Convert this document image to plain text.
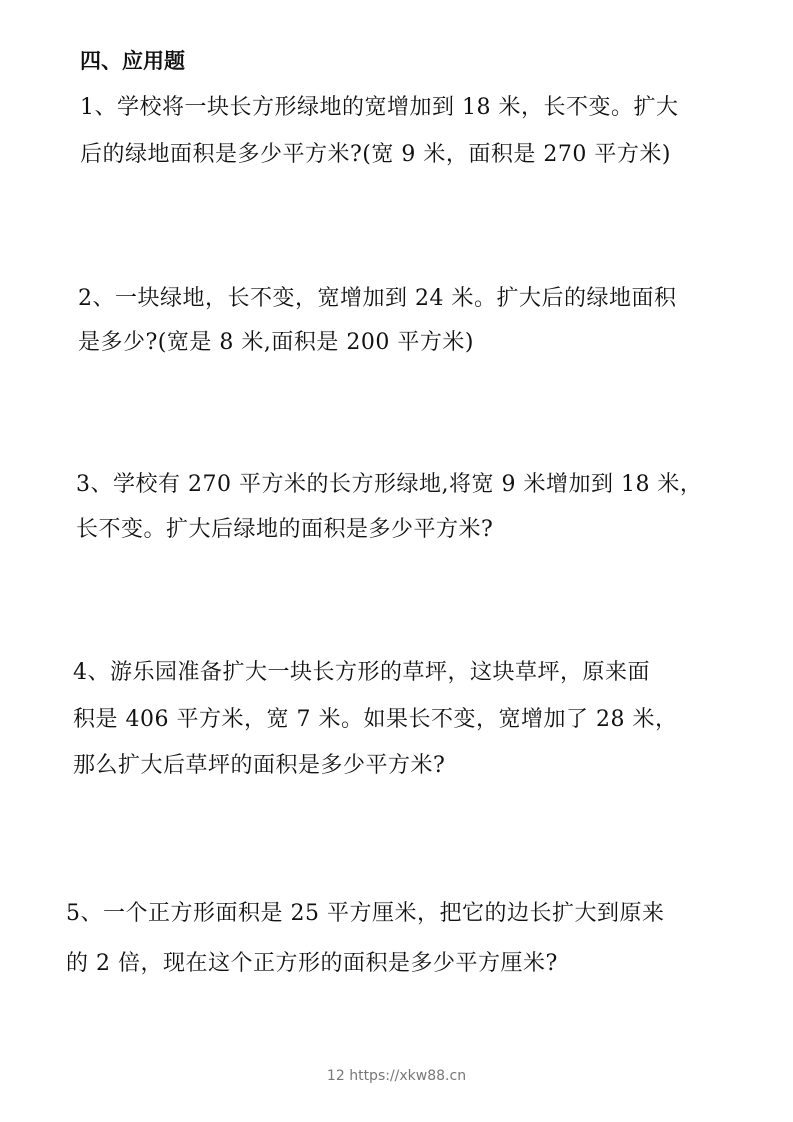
四、应用题
1、学校将一块长方形绿地的宽增加到 18 米，长不变。扩大
后的绿地面积是多少平方米?(宽 9 米，面积是 270 平方米)
2、一块绿地，长不变，宽增加到 24 米。扩大后的绿地面积
是多少?(宽是 8 米,面积是 200 平方米)
3、学校有 270 平方米的长方形绿地,将宽 9 米增加到 18 米，
长不变。扩大后绿地的面积是多少平方米?
4、游乐园准备扩大一块长方形的草坪，这块草坪，原来面
积是 406 平方米，宽 7 米。如果长不变，宽增加了 28 米，
那么扩大后草坪的面积是多少平方米?
5、一个正方形面积是 25 平方厘米，把它的边长扩大到原来
的 2 倍，现在这个正方形的面积是多少平方厘米?
12 https://xkw88.cn
